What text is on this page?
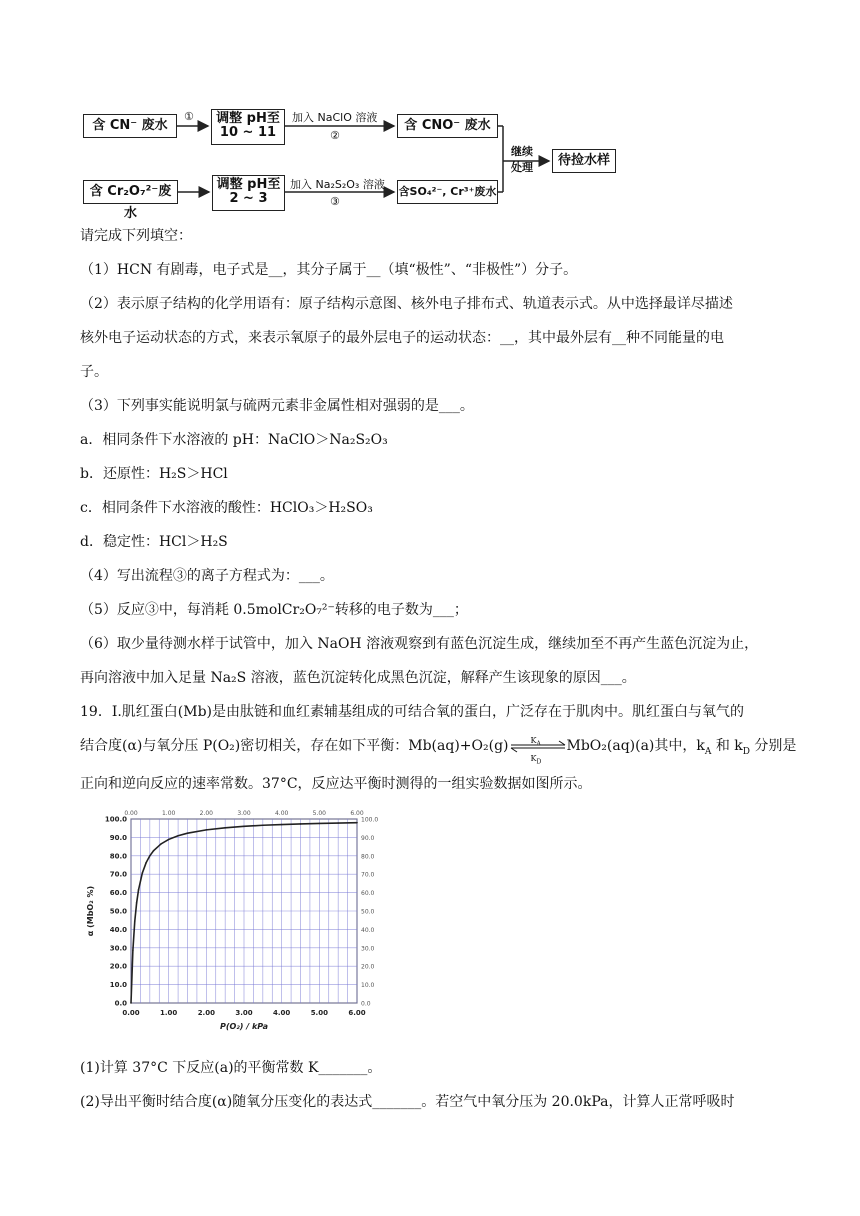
含 CN⁻ 废水	调整 pH至
10 ~ 11
①	加入 NaClO 溶液
②
含 CNO⁻ 废水
含 Cr₂O₇²⁻废水
调整 pH至
2 ~ 3
加入 Na₂S₂O₃ 溶液
③
含SO₄²⁻, Cr³⁺废水
继续
处理	待捡水样
请完成下列填空：
（1）HCN 有剧毒，电子式是__，其分子属于__（填“极性”、“非极性”）分子。
（2）表示原子结构的化学用语有：原子结构示意图、核外电子排布式、轨道表示式。从中选择最详尽描述
核外电子运动状态的方式，来表示氧原子的最外层电子的运动状态：__，其中最外层有__种不同能量的电
子。
（3）下列事实能说明氯与硫两元素非金属性相对强弱的是___。
a．相同条件下水溶液的 pH：NaClO＞Na₂S₂O₃
b．还原性：H₂S＞HCl
c．相同条件下水溶液的酸性：HClO₃＞H₂SO₃
d．稳定性：HCl＞H₂S
（4）写出流程③的离子方程式为：___。
（5）反应③中，每消耗 0.5molCr₂O₇²⁻转移的电子数为___；
（6）取少量待测水样于试管中，加入 NaOH 溶液观察到有蓝色沉淀生成，继续加至不再产生蓝色沉淀为止，
再向溶液中加入足量 Na₂S 溶液，蓝色沉淀转化成黑色沉淀，解释产生该现象的原因___。
19．I.肌红蛋白(Mb)是由肽链和血红素辅基组成的可结合氧的蛋白，广泛存在于肌肉中。肌红蛋白与氧气的
结合度(α)与氧分压 P(O₂)密切相关，存在如下平衡：Mb(aq)+O₂(g)	$K_A$
$K_D$
MbO₂(aq)(a)其中，$k_A$ 和 $k_D$ 分别是
正向和逆向反应的速率常数。37°C，反应达平衡时测得的一组实验数据如图所示。
0.00
0.00
1.00
1.00
2.00
2.00
3.00
3.00
4.00
4.00
5.00
5.00
6.00
6.00
0.0
10.0
20.0
30.0
40.0
50.0
60.0
70.0
80.0
90.0
100.0
0.0
10.0
20.0
30.0
40.0
50.0
60.0
70.0
80.0
90.0
100.0
P(O₂) / kPa
α (MbO₂ %)
(1)计算 37°C 下反应(a)的平衡常数 K_______。
(2)导出平衡时结合度(α)随氧分压变化的表达式_______。若空气中氧分压为 20.0kPa，计算人正常呼吸时
